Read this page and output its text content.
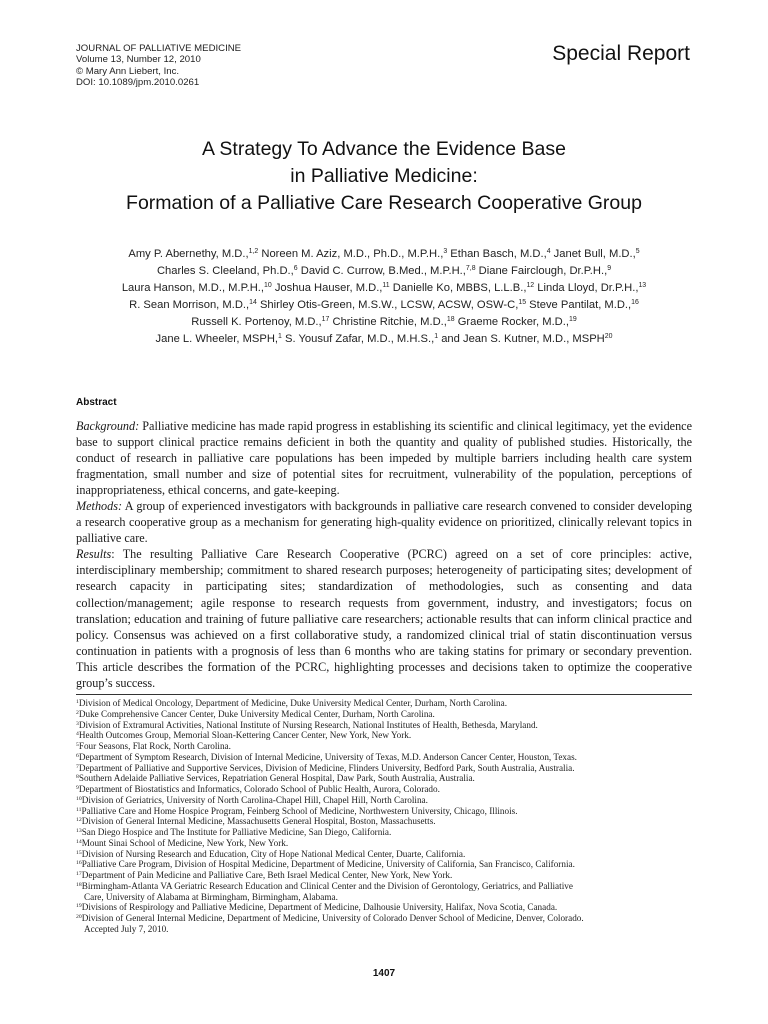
JOURNAL OF PALLIATIVE MEDICINE
Volume 13, Number 12, 2010
© Mary Ann Liebert, Inc.
DOI: 10.1089/jpm.2010.0261
Special Report
A Strategy To Advance the Evidence Base
in Palliative Medicine:
Formation of a Palliative Care Research Cooperative Group
Amy P. Abernethy, M.D.,$^{1,2}$ Noreen M. Aziz, M.D., Ph.D., M.P.H.,$^3$ Ethan Basch, M.D.,$^4$ Janet Bull, M.D.,$^5$
Charles S. Cleeland, Ph.D.,$^6$ David C. Currow, B.Med., M.P.H.,$^{7,8}$ Diane Fairclough, Dr.P.H.,$^9$
Laura Hanson, M.D., M.P.H.,$^{10}$ Joshua Hauser, M.D.,$^{11}$ Danielle Ko, MBBS, L.L.B.,$^{12}$ Linda Lloyd, Dr.P.H.,$^{13}$
R. Sean Morrison, M.D.,$^{14}$ Shirley Otis-Green, M.S.W., LCSW, ACSW, OSW-C,$^{15}$ Steve Pantilat, M.D.,$^{16}$
Russell K. Portenoy, M.D.,$^{17}$ Christine Ritchie, M.D.,$^{18}$ Graeme Rocker, M.D.,$^{19}$
Jane L. Wheeler, MSPH,$^1$ S. Yousuf Zafar, M.D., M.H.S.,$^1$ and Jean S. Kutner, M.D., MSPH$^{20}$
Abstract

Background: Palliative medicine has made rapid progress in establishing its scientific and clinical legitimacy, yet the evidence base to support clinical practice remains deficient in both the quantity and quality of published studies. Historically, the conduct of research in palliative care populations has been impeded by multiple barriers including health care system fragmentation, small number and size of potential sites for recruitment, vulnerability of the population, perceptions of inappropriateness, ethical concerns, and gate-keeping.

Methods: A group of experienced investigators with backgrounds in palliative care research convened to consider developing a research cooperative group as a mechanism for generating high-quality evidence on prioritized, clinically relevant topics in palliative care.

Results: The resulting Palliative Care Research Cooperative (PCRC) agreed on a set of core principles: active, interdisciplinary membership; commitment to shared research purposes; heterogeneity of participating sites; development of research capacity in participating sites; standardization of methodologies, such as consenting and data collection/management; agile response to research requests from government, industry, and investigators; focus on translation; education and training of future palliative care researchers; actionable results that can inform clinical practice and policy. Consensus was achieved on a first collaborative study, a randomized clinical trial of statin discontinuation versus continuation in patients with a prognosis of less than 6 months who are taking statins for primary or secondary prevention. This article describes the formation of the PCRC, highlighting processes and decisions taken to optimize the cooperative group’s success.

$^1$Division of Medical Oncology, Department of Medicine, Duke University Medical Center, Durham, North Carolina.
$^2$Duke Comprehensive Cancer Center, Duke University Medical Center, Durham, North Carolina.
$^3$Division of Extramural Activities, National Institute of Nursing Research, National Institutes of Health, Bethesda, Maryland.
$^4$Health Outcomes Group, Memorial Sloan-Kettering Cancer Center, New York, New York.
$^5$Four Seasons, Flat Rock, North Carolina.
$^6$Department of Symptom Research, Division of Internal Medicine, University of Texas, M.D. Anderson Cancer Center, Houston, Texas.
$^7$Department of Palliative and Supportive Services, Division of Medicine, Flinders University, Bedford Park, South Australia, Australia.
$^8$Southern Adelaide Palliative Services, Repatriation General Hospital, Daw Park, South Australia, Australia.
$^9$Department of Biostatistics and Informatics, Colorado School of Public Health, Aurora, Colorado.
$^{10}$Division of Geriatrics, University of North Carolina-Chapel Hill, Chapel Hill, North Carolina.
$^{11}$Palliative Care and Home Hospice Program, Feinberg School of Medicine, Northwestern University, Chicago, Illinois.
$^{12}$Division of General Internal Medicine, Massachusetts General Hospital, Boston, Massachusetts.
$^{13}$San Diego Hospice and The Institute for Palliative Medicine, San Diego, California.
$^{14}$Mount Sinai School of Medicine, New York, New York.
$^{15}$Division of Nursing Research and Education, City of Hope National Medical Center, Duarte, California.
$^{16}$Palliative Care Program, Division of Hospital Medicine, Department of Medicine, University of California, San Francisco, California.
$^{17}$Department of Pain Medicine and Palliative Care, Beth Israel Medical Center, New York, New York.
$^{18}$Birmingham-Atlanta VA Geriatric Research Education and Clinical Center and the Division of Gerontology, Geriatrics, and Palliative
Care, University of Alabama at Birmingham, Birmingham, Alabama.
$^{19}$Divisions of Respirology and Palliative Medicine, Department of Medicine, Dalhousie University, Halifax, Nova Scotia, Canada.
$^{20}$Division of General Internal Medicine, Department of Medicine, University of Colorado Denver School of Medicine, Denver, Colorado.
Accepted July 7, 2010.
1407
